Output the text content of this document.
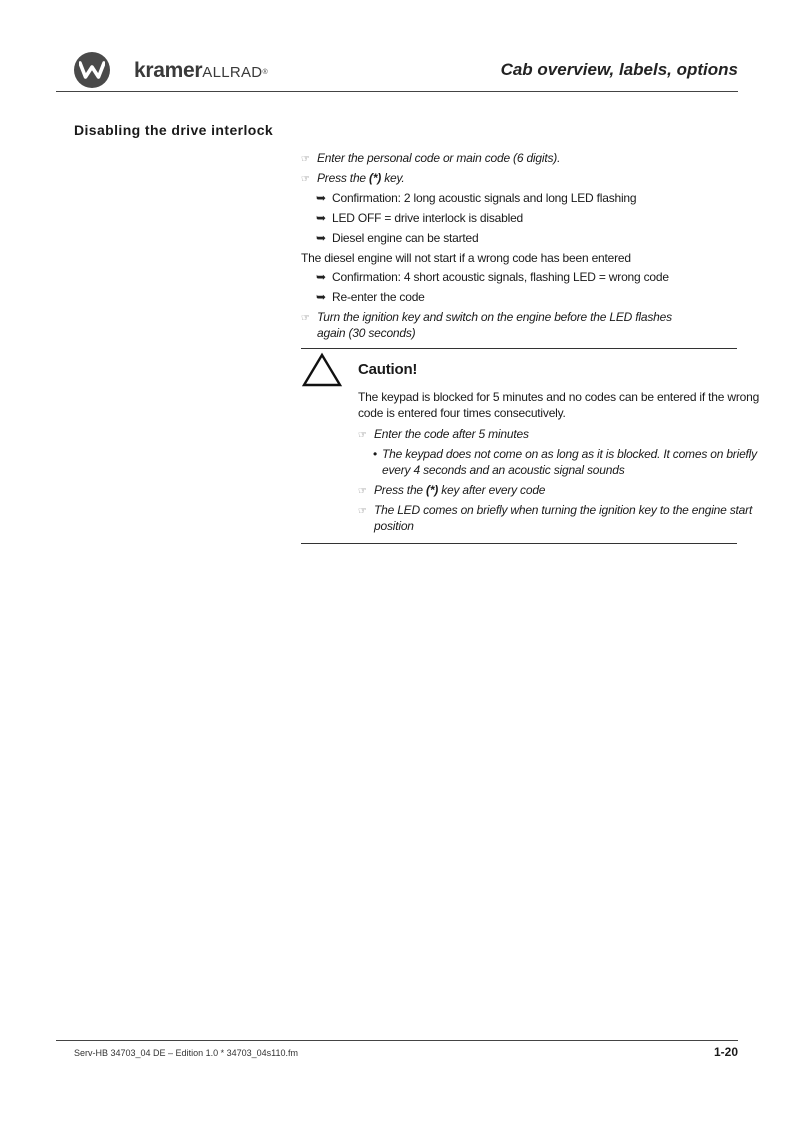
kramerALLRAD®	Cab overview, labels, options
Disabling the drive interlock
☞ Enter the personal code or main code (6 digits).
☞ Press the (*) key.
➥ Confirmation: 2 long acoustic signals and long LED flashing
➥ LED OFF = drive interlock is disabled
➥ Diesel engine can be started
The diesel engine will not start if a wrong code has been entered
➥ Confirmation: 4 short acoustic signals, flashing LED = wrong code
➥ Re-enter the code
☞ Turn the ignition key and switch on the engine before the LED flashes
again (30 seconds)
Caution!
The keypad is blocked for 5 minutes and no codes can be entered if the wrong
code is entered four times consecutively.
☞ Enter the code after 5 minutes
• The keypad does not come on as long as it is blocked. It comes on briefly
every 4 seconds and an acoustic signal sounds
☞ Press the (*) key after every code
☞ The LED comes on briefly when turning the ignition key to the engine start
position
Serv-HB 34703_04 DE – Edition 1.0 * 34703_04s110.fm	1-20
